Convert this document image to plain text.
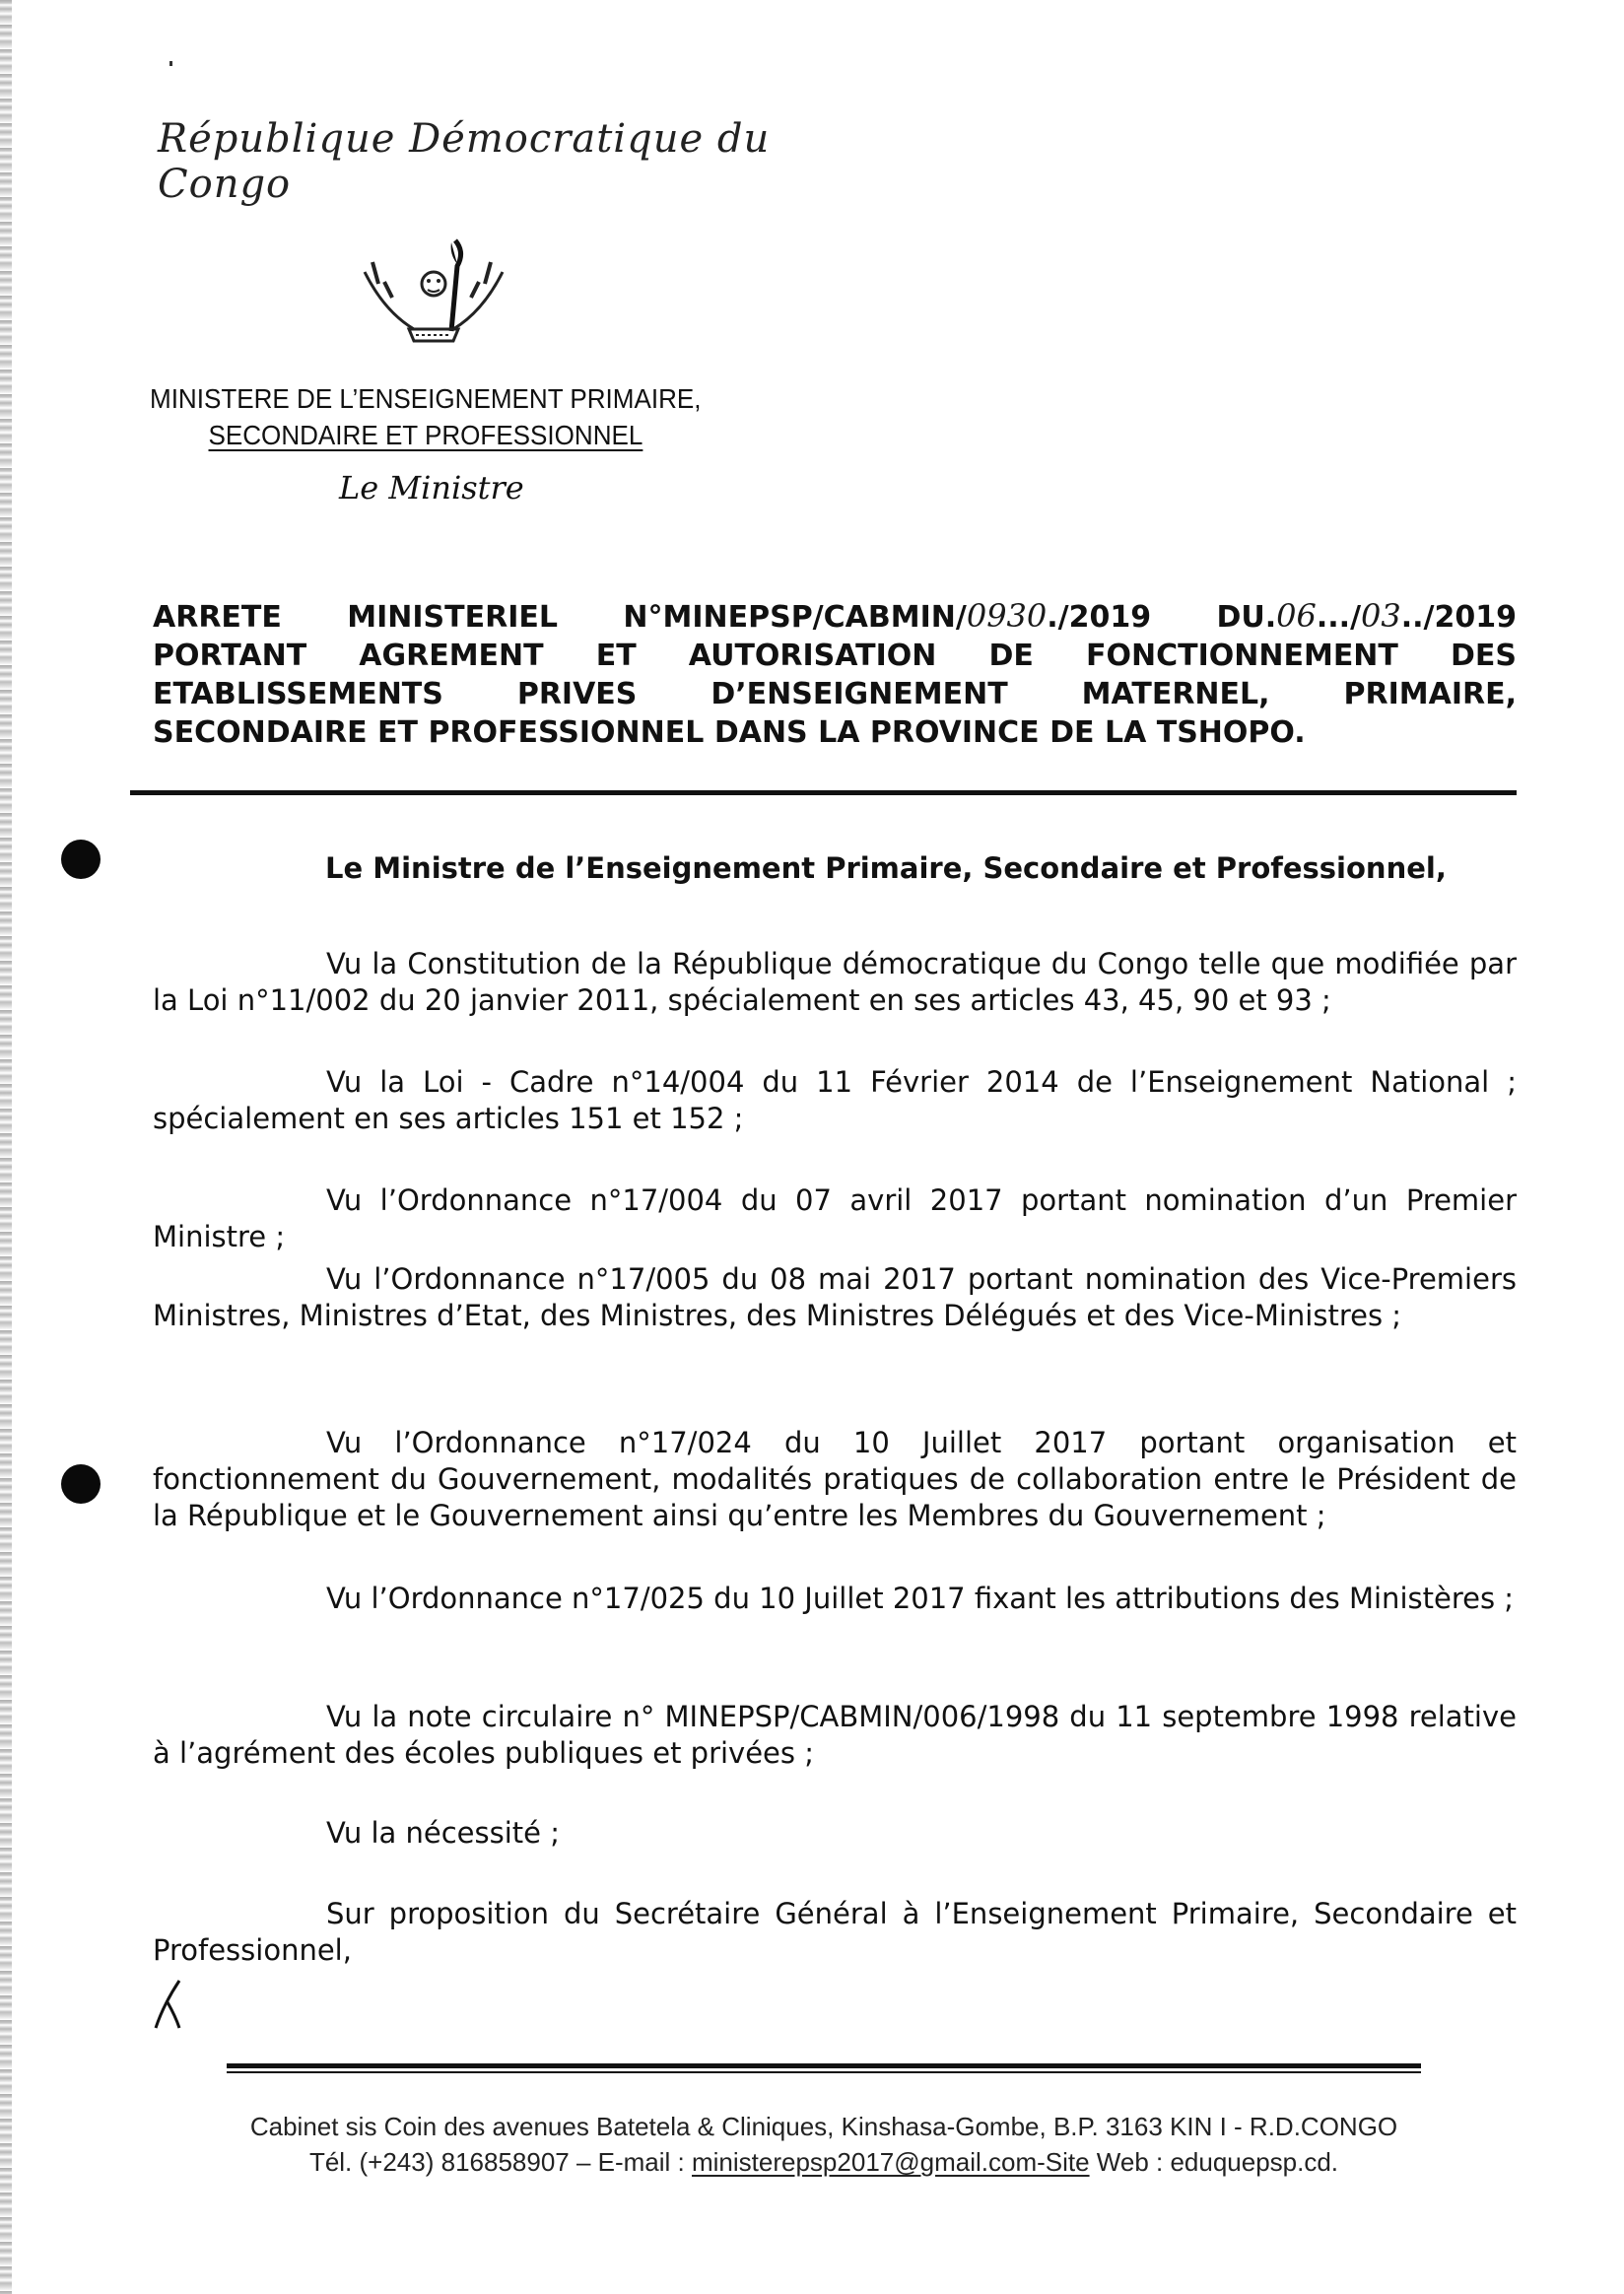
République Démocratique du Congo
MINISTERE DE L’ENSEIGNEMENT PRIMAIRE,
SECONDAIRE ET PROFESSIONNEL
Le Ministre
ARRETE MINISTERIEL N°MINEPSP/CABMIN/0930./2019 DU.06.../03../2019
PORTANT AGREMENT ET AUTORISATION DE FONCTIONNEMENT DES
ETABLISSEMENTS PRIVES D’ENSEIGNEMENT MATERNEL, PRIMAIRE,
SECONDAIRE ET PROFESSIONNEL DANS LA PROVINCE DE LA TSHOPO.
Le Ministre de l’Enseignement Primaire, Secondaire et Professionnel,

Vu la Constitution de la République démocratique du Congo telle que modifiée par la Loi n°11/002 du 20 janvier 2011, spécialement en ses articles 43, 45, 90 et 93 ;

Vu la Loi - Cadre n°14/004 du 11 Février 2014 de l’Enseignement National ; spécialement en ses articles 151 et 152 ;

Vu l’Ordonnance n°17/004 du 07 avril 2017 portant nomination d’un Premier Ministre ;

Vu l’Ordonnance n°17/005 du 08 mai 2017 portant nomination des Vice-Premiers Ministres, Ministres d’Etat, des Ministres, des Ministres Délégués et des Vice-Ministres ;

Vu l’Ordonnance n°17/024 du 10 Juillet 2017 portant organisation et fonctionnement du Gouvernement, modalités pratiques de collaboration entre le Président de la République et le Gouvernement ainsi qu’entre les Membres du Gouvernement ;

Vu l’Ordonnance n°17/025 du 10 Juillet 2017 fixant les attributions des Ministères ;

Vu la note circulaire n° MINEPSP/CABMIN/006/1998 du 11 septembre 1998 relative à l’agrément des écoles publiques et privées ;

Vu la nécessité ;

Sur proposition du Secrétaire Général à l’Enseignement Primaire, Secondaire et Professionnel,

Cabinet sis Coin des avenues Batetela & Cliniques, Kinshasa-Gombe, B.P. 3163 KIN I - R.D.CONGO
Tél. (+243) 816858907 – E-mail : ministerepsp2017@gmail.com-Site Web : eduquepsp.cd.
